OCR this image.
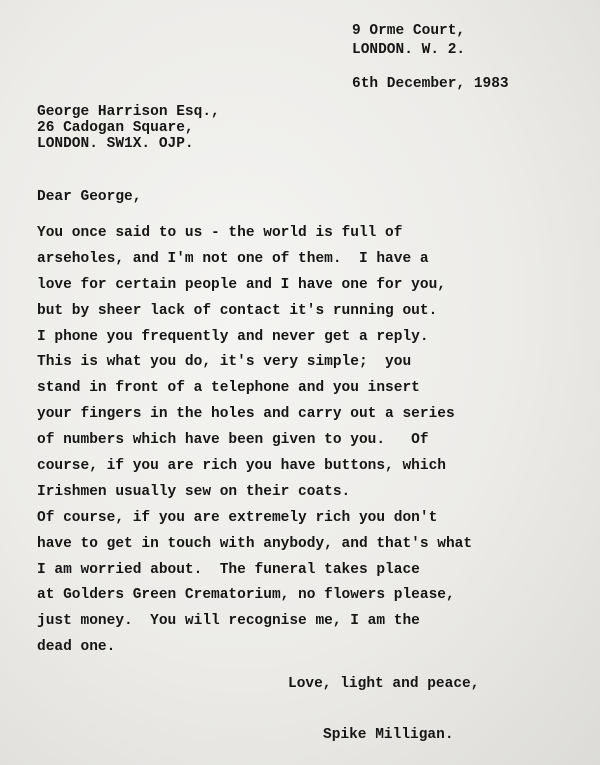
9 Orme Court,
LONDON. W. 2.
6th December, 1983
George Harrison Esq.,
26 Cadogan Square,
LONDON. SW1X. OJP.
Dear George,
You once said to us - the world is full of
arseholes, and I'm not one of them.  I have a
love for certain people and I have one for you,
but by sheer lack of contact it's running out.
I phone you frequently and never get a reply.
This is what you do, it's very simple;  you
stand in front of a telephone and you insert
your fingers in the holes and carry out a series
of numbers which have been given to you.   Of
course, if you are rich you have buttons, which
Irishmen usually sew on their coats.
Of course, if you are extremely rich you don't
have to get in touch with anybody, and that's what
I am worried about.  The funeral takes place
at Golders Green Crematorium, no flowers please,
just money.  You will recognise me, I am the
dead one.
Love, light and peace,
Spike Milligan.
